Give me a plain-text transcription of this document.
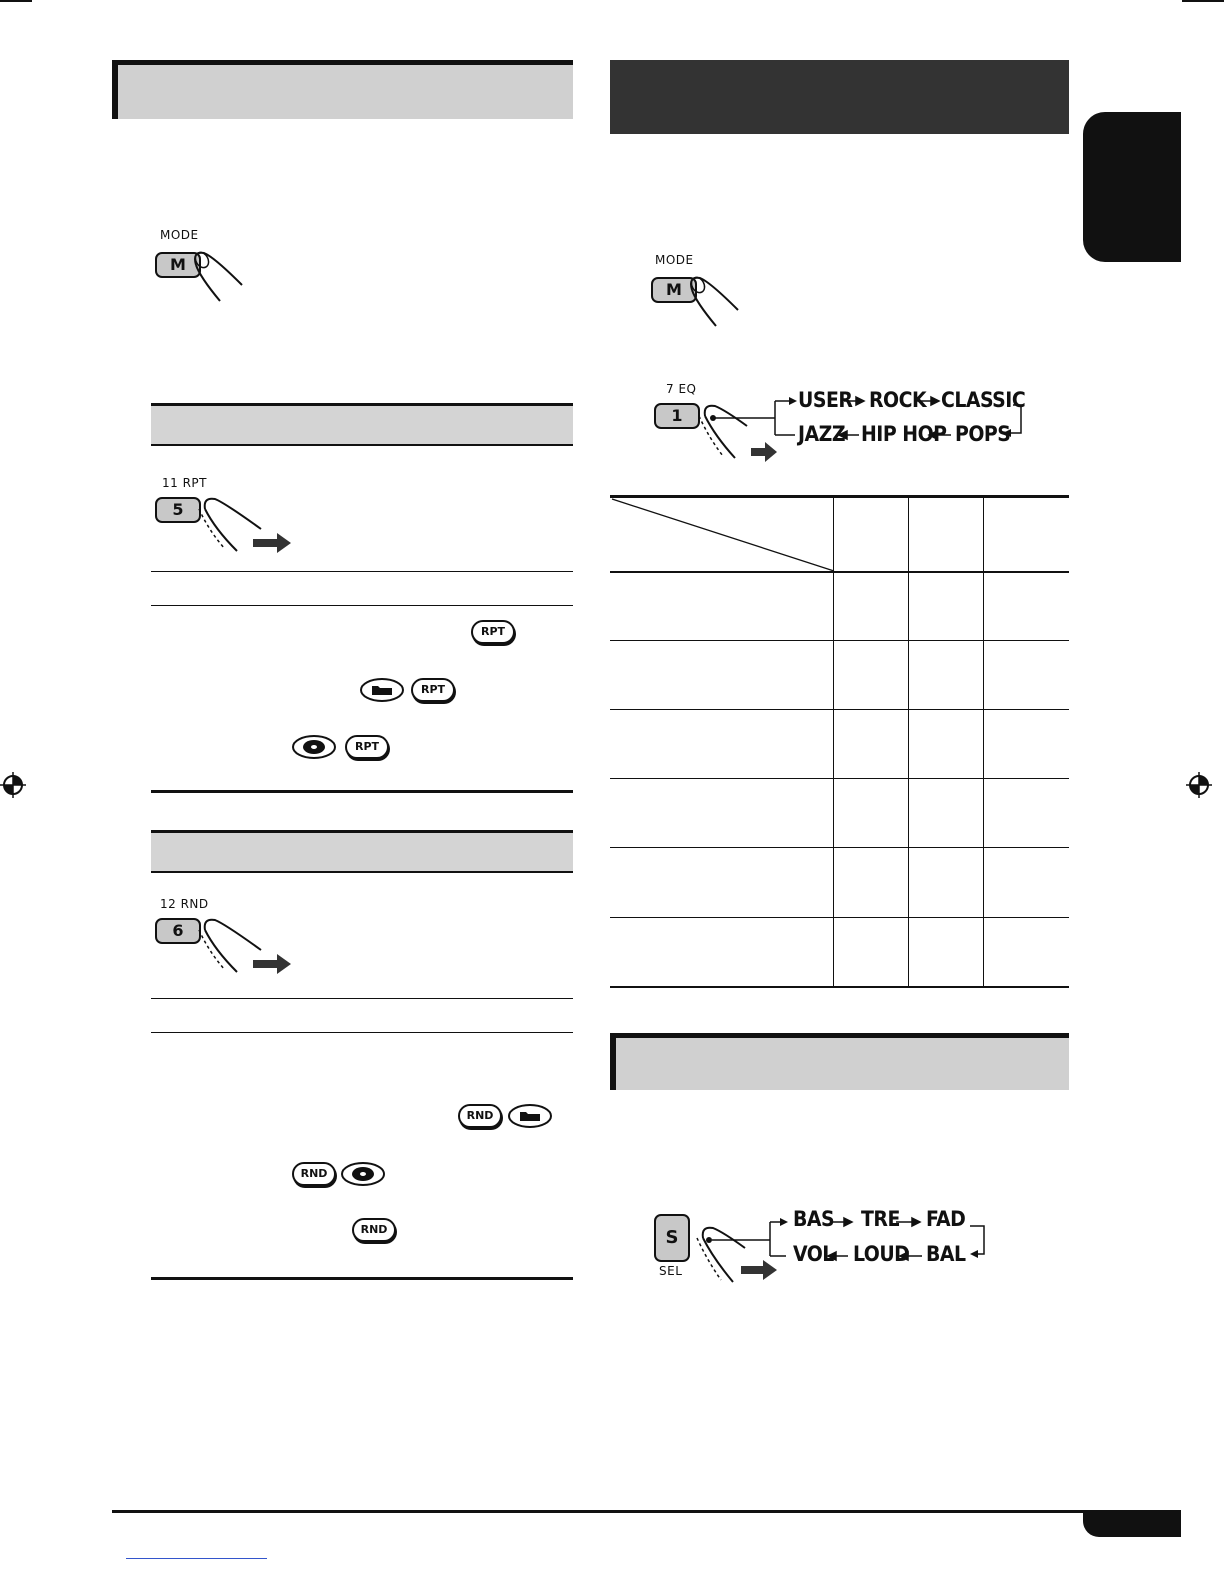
MODE
M
11 RPT
5
RPT
RPT
RPT
12 RND
6
RND
RND
RND
MODE
M
7 EQ
1
USER ROCK CLASSIC
JAZZ HIP HOP POPS
S
SEL
BAS TRE FAD
VOL LOUD BAL
